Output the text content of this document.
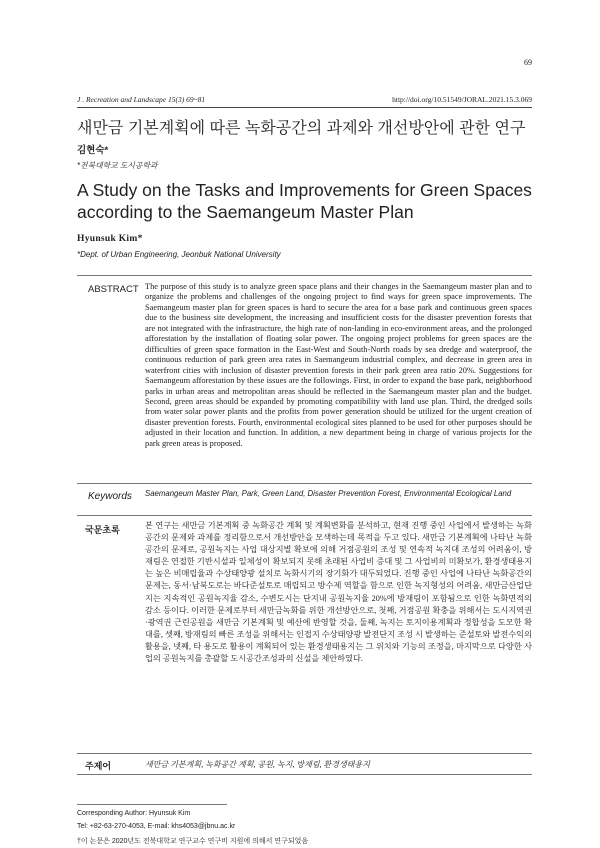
69
J . Recreation and Landscape 15(3) 69~81	http://doi.org/10.51549/JORAL.2021.15.3.069
새만금 기본계획에 따른 녹화공간의 과제와 개선방안에 관한 연구
김현숙*
*전북대학교 도시공학과
A Study on the Tasks and Improvements for Green Spaces according to the Saemangeum Master Plan
Hyunsuk Kim*
*Dept. of Urban Engineering, Jeonbuk National University
ABSTRACT The purpose of this study is to analyze green space plans and their changes in the Saemangeum master plan and to organize the problems and challenges of the ongoing project to find ways for green space improvements. The Saemangeum master plan for green spaces is hard to secure the area for a base park and continuous green spaces due to the business site development, the increasing and insufficient costs for the disaster prevention forests that are not integrated with the infrastructure, the high rate of non-landing in eco-environment areas, and the prolonged afforestation by the installation of floating solar power. The ongoing project problems for green spaces are the difficulties of green space formation in the East-West and South-North roads by sea dredge and waterproof, the continuous reduction of park green area rates in Saemangeum industrial complex, and decrease in green area in waterfront cities with inclusion of disaster prevention forests in their park green area ratio 20%. Suggestions for Saemangeum afforestation by these issues are the followings. First, in order to expand the base park, neighborhood parks in urban areas and metropolitan areas should be reflected in the Saemangeum master plan and the budget. Second, green areas should be expanded by promoting compatibility with land use plan. Third, the dredged soils from water solar power plants and the profits from power generation should be utilized for the urgent creation of disaster prevention forests. Fourth, environmental ecological sites planned to be used for other purposes should be adjusted in their location and function. In addition, a new department being in charge of various projects for the park green areas is proposed.
Keywords Saemangeum Master Plan, Park, Green Land, Disaster Prevention Forest, Environmental Ecological Land
국문초록	본 연구는 새만금 기본계획 중 녹화공간 계획 및 계획변화를 분석하고, 현재 진행 중인 사업에서 발생하는 녹화공간의 문제와 과제를 정리함으로서 개선방안을 모색하는데 목적을 두고 있다. 새만금 기본계획에 나타난 녹화공간의 문제로, 공원녹지는 사업 대상지별 확보에 의해 거점공원의 조성 및 연속적 녹지대 조성의 어려움이, 방재림은 연접한 기반시설과 일체성이 확보되지 못해 초래된 사업비 증대 및 그 사업비의 미확보가, 환경생태용지는 높은 비매립율과 수상태양광 설치로 녹화시기의 장기화가 대두되었다. 진행 중인 사업에 나타난 녹화공간의 문제는, 동서·남북도로는 바다준설토로 매립되고 방수제 역할을 함으로 인한 녹지형성의 어려움, 새만금산업단지는 지속적인 공원녹지율 감소, 수변도시는 단지내 공원녹지율 20%에 방재림이 포함됨으로 인한 녹화면적의 감소 등이다. 이러한 문제로부터 새만금녹화를 위한 개선방안으로, 첫째, 거점공원 확충을 위해서는 도시지역권·광역권 근린공원을 새만금 기본계획 및 예산에 반영할 것을, 둘째, 녹지는 토지이용계획과 정합성을 도모한 확대를, 셋째, 방재림의 빠른 조성을 위해서는 인접지 수상태양광 발전단지 조성 시 발생하는 준설토와 발전수익의 활용을, 넷째, 타 용도로 활용이 계획되어 있는 환경생태용지는 그 위치와 기능의 조정을, 마지막으로 다양한 사업의 공원녹지를 총괄할 도시공간조성과의 신설을 제안하였다.
주제어	새만금 기본계획, 녹화공간 계획, 공원, 녹지, 방재림, 환경생태용지
Corresponding Author: Hyunsuk Kim
Tel: +82-63-270-4053, E-mail: khs4053@jbnu.ac.kr
†이 논문은 2020년도 전북대학교 연구교수 연구비 지원에 의해서 연구되었음
